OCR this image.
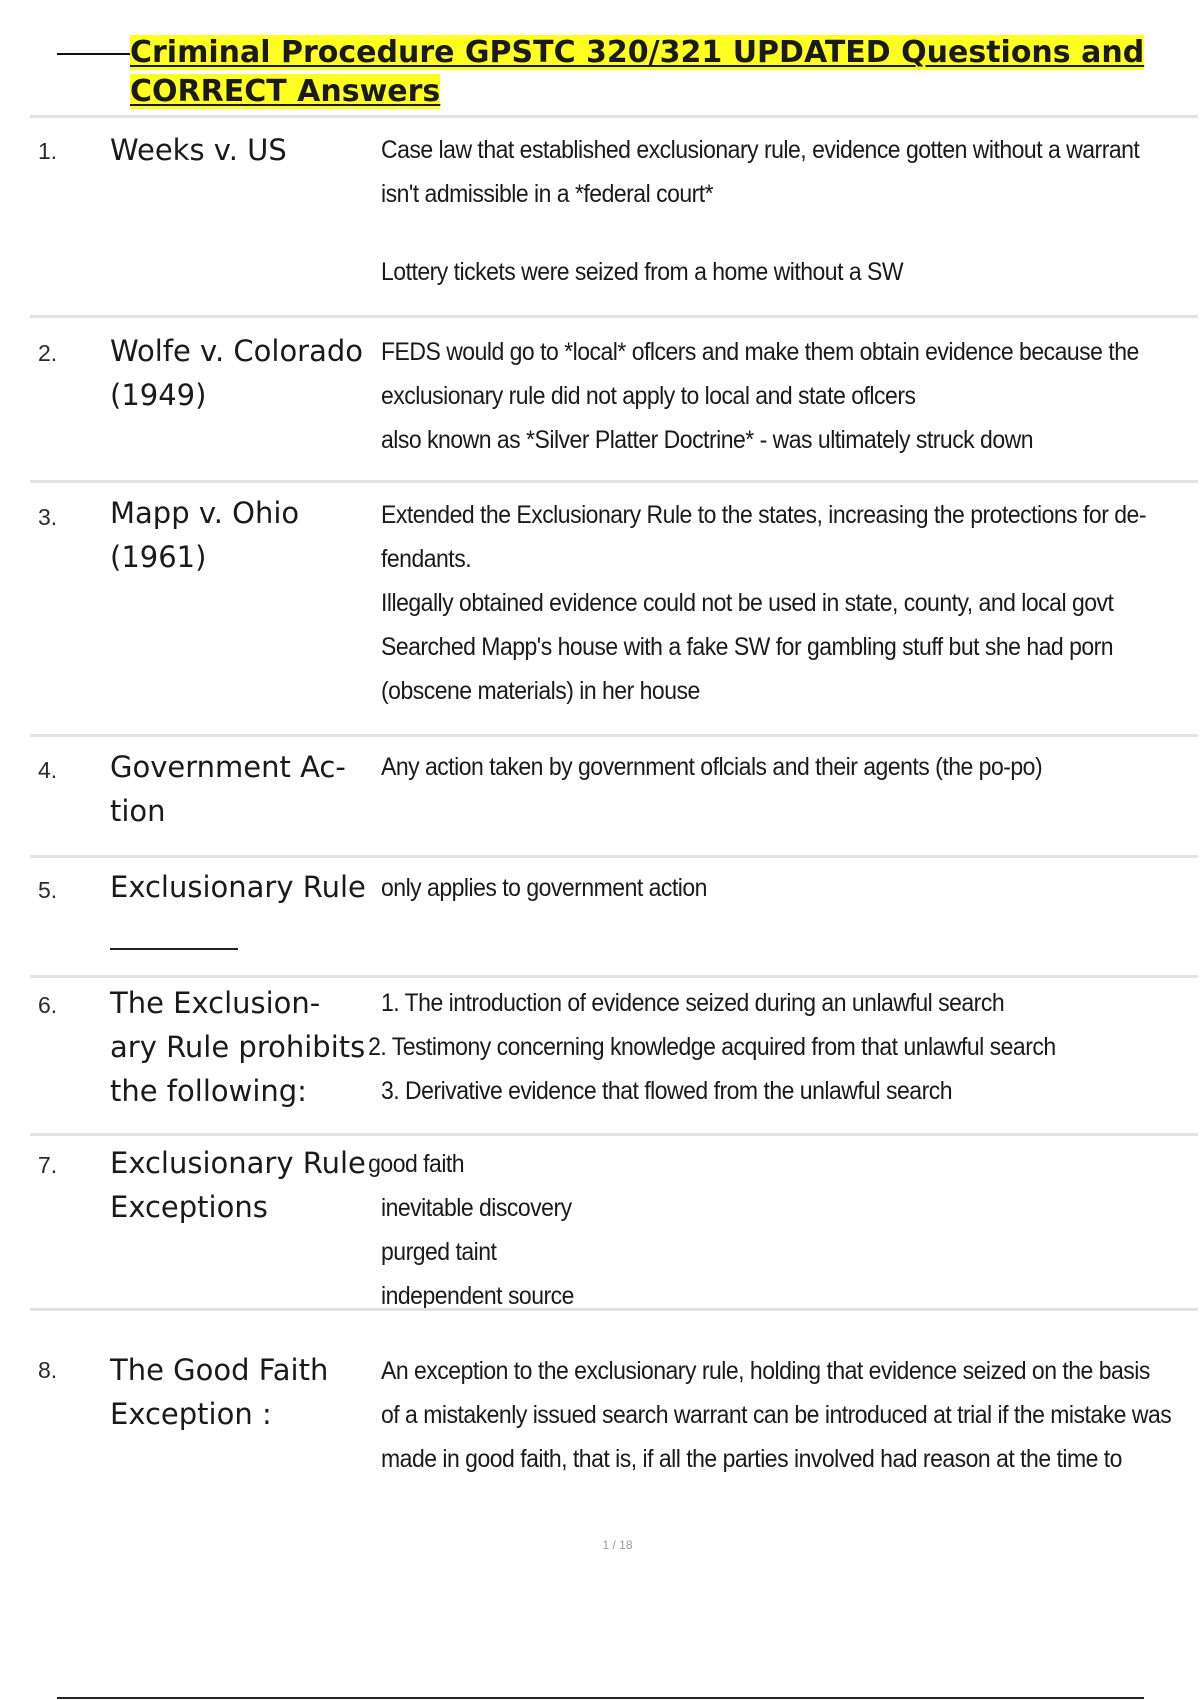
Criminal Procedure GPSTC 320/321 UPDATED Questions and CORRECT Answers
1. Weeks v. US	Case law that established exclusionary rule, evidence gotten without a warrant
isn't admissible in a *federal court*
Lottery tickets were seized from a home without a SW
2. Wolfe v. Colorado
(1949)
FEDS would go to *local* oflcers and make them obtain evidence because the
exclusionary rule did not apply to local and state oflcers
also known as *Silver Platter Doctrine* - was ultimately struck down
3. Mapp v. Ohio
(1961)
Extended the Exclusionary Rule to the states, increasing the protections for de-
fendants.
Illegally obtained evidence could not be used in state, county, and local govt
Searched Mapp's house with a fake SW for gambling stuff but she had porn
(obscene materials) in her house
4. Government Ac-
tion
Any action taken by government oflcials and their agents (the po-po)
5. Exclusionary Rule only applies to government action
6. The Exclusion-
ary Rule prohibits
the following:
1. The introduction of evidence seized during an unlawful search
2. Testimony concerning knowledge acquired from that unlawful search
3. Derivative evidence that flowed from the unlawful search
7. Exclusionary Rule
Exceptions
good faith
inevitable discovery
purged taint
independent source
8. The Good Faith
Exception :
An exception to the exclusionary rule, holding that evidence seized on the basis
of a mistakenly issued search warrant can be introduced at trial if the mistake was
made in good faith, that is, if all the parties involved had reason at the time to
1 / 18
